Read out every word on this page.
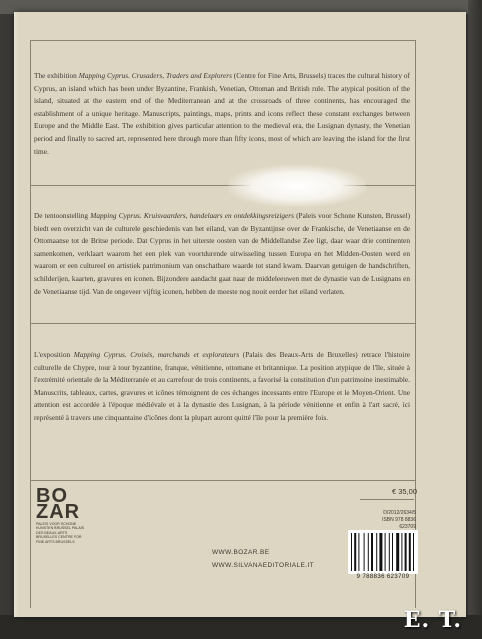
The exhibition Mapping Cyprus. Crusaders, Traders and Explorers (Centre for Fine Arts, Brussels) traces the cultural history of Cyprus, an island which has been under Byzantine, Frankish, Venetian, Ottoman and British rule. The atypical position of the island, situated at the eastern end of the Mediterranean and at the crossroads of three continents, has encouraged the establishment of a unique heritage. Manuscripts, paintings, maps, prints and icons reflect these constant exchanges between Europe and the Middle East. The exhibition gives particular attention to the medieval era, the Lusignan dynasty, the Venetian period and finally to sacred art, represented here through more than fifty icons, most of which are leaving the island for the first time.

De tentoonstelling Mapping Cyprus. Kruisvaarders, handelaars en ontdekkingsreizigers (Paleis voor Schone Kunsten, Brussel) biedt een overzicht van de culturele geschiedenis van het eiland, van de Byzantijnse over de Frankische, de Venetiaanse en de Ottomaanse tot de Britse periode. Dat Cyprus in het uiterste oosten van de Middellandse Zee ligt, daar waar drie continenten samenkomen, verklaart waarom het een plek van voortdurende uitwisseling tussen Europa en het Midden-Oosten werd en waarom er een cultureel en artistiek patrimonium van onschatbare waarde tot stand kwam. Daarvan getuigen de handschriften, schilderijen, kaarten, gravures en iconen. Bijzondere aandacht gaat naar de middeleeuwen met de dynastie van de Lusignans en de Venetiaanse tijd. Van de ongeveer vijftig iconen, hebben de meeste nog nooit eerder het eiland verlaten.

L'exposition Mapping Cyprus. Croisés, marchands et explorateurs (Palais des Beaux-Arts de Bruxelles) retrace l'histoire culturelle de Chypre, tour à tour byzantine, franque, vénitienne, ottomane et britannique. La position atypique de l'île, située à l'extrémité orientale de la Méditerranée et au carrefour de trois continents, a favorisé la constitution d'un patrimoine inestimable. Manuscrits, tableaux, cartes, gravures et icônes témoignent de ces échanges incessants entre l'Europe et le Moyen-Orient. Une attention est accordée à l'époque médiévale et à la dynastie des Lusignan, à la période vénitienne et enfin à l'art sacré, ici représenté à travers une cinquantaine d'icônes dont la plupart auront quitté l'île pour la première fois.

BO
ZAR
PALEIS VOOR SCHONE KUNSTEN BRUSSEL PALAIS DES BEAUX-ARTS BRUXELLES CENTRE FOR FINE ARTS BRUSSELS
WWW.BOZAR.BE
WWW.SILVANAEDITORIALE.IT
€ 35,00
D/2012/2634/5
ISBN 978 8836 623709
9 788836 623709
E. T.
